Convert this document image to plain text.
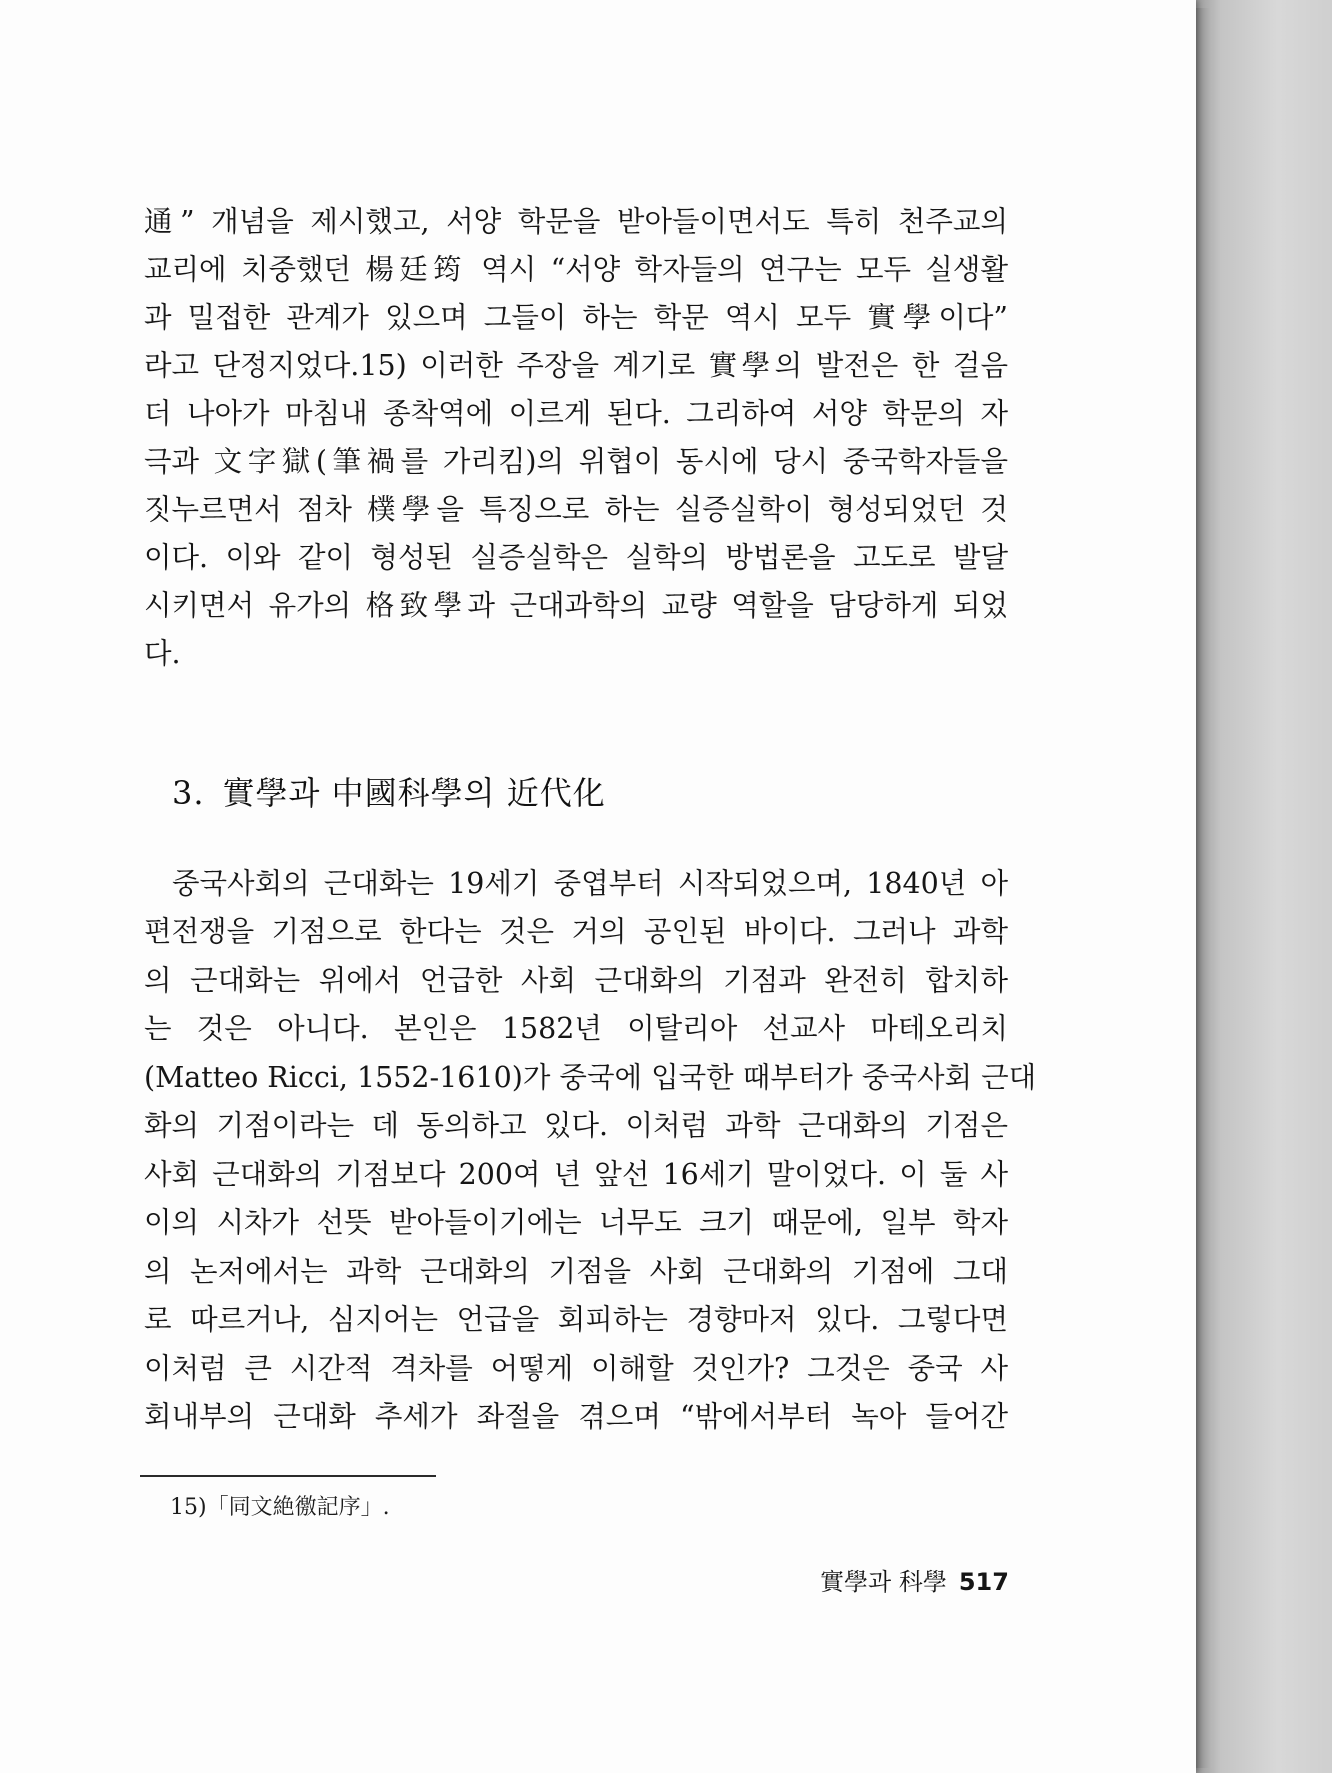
通” 개념을 제시했고, 서양 학문을 받아들이면서도 특히 천주교의
교리에 치중했던 楊廷筠 역시 “서양 학자들의 연구는 모두 실생활
과 밀접한 관계가 있으며 그들이 하는 학문 역시 모두 實學이다”
라고 단정지었다.15) 이러한 주장을 계기로 實學의 발전은 한 걸음
더 나아가 마침내 종착역에 이르게 된다. 그리하여 서양 학문의 자
극과 文字獄(筆禍를 가리킴)의 위협이 동시에 당시 중국학자들을
짓누르면서 점차 樸學을 특징으로 하는 실증실학이 형성되었던 것
이다. 이와 같이 형성된 실증실학은 실학의 방법론을 고도로 발달
시키면서 유가의 格致學과 근대과학의 교량 역할을 담당하게 되었
다.
3. 實學과 中國科學의 近代化
중국사회의 근대화는 19세기 중엽부터 시작되었으며, 1840년 아
편전쟁을 기점으로 한다는 것은 거의 공인된 바이다. 그러나 과학
의 근대화는 위에서 언급한 사회 근대화의 기점과 완전히 합치하
는 것은 아니다. 본인은 1582년 이탈리아 선교사 마테오리치
(Matteo Ricci, 1552-1610)가 중국에 입국한 때부터가 중국사회 근대
화의 기점이라는 데 동의하고 있다. 이처럼 과학 근대화의 기점은
사회 근대화의 기점보다 200여 년 앞선 16세기 말이었다. 이 둘 사
이의 시차가 선뜻 받아들이기에는 너무도 크기 때문에, 일부 학자
의 논저에서는 과학 근대화의 기점을 사회 근대화의 기점에 그대
로 따르거나, 심지어는 언급을 회피하는 경향마저 있다. 그렇다면
이처럼 큰 시간적 격차를 어떻게 이해할 것인가? 그것은 중국 사
회내부의 근대화 추세가 좌절을 겪으며 “밖에서부터 녹아 들어간
15)「同文絶徼記序」.
實學과 科學 517
